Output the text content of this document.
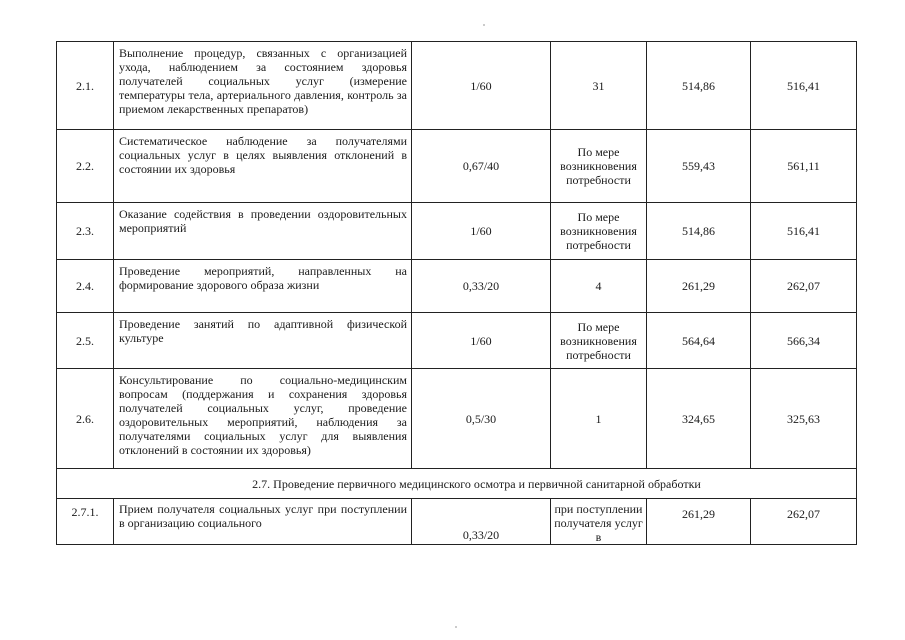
2.1.	Выполнение процедур, связанных с организацией ухода, наблюдением за состоянием здоровья получателей социальных услуг (измерение температуры тела, артериального давления, контроль за приемом лекарственных препаратов)	1/60	31	514,86	516,41
2.2.	Систематическое наблюдение за получателями социальных услуг в целях выявления отклонений в состоянии их здоровья	0,67/40	По мере возникновения потребности	559,43	561,11
2.3.	Оказание содействия в проведении оздоровительных мероприятий	1/60	По мере возникновения потребности	514,86	516,41
2.4.	Проведение мероприятий, направленных на формирование здорового образа жизни	0,33/20	4	261,29	262,07
2.5.	Проведение занятий по адаптивной физической культуре	1/60	По мере возникновения потребности	564,64	566,34
2.6.	Консультирование по социально-медицинским вопросам (поддержания и сохранения здоровья получателей социальных услуг, проведение оздоровительных мероприятий, наблюдения за получателями социальных услуг для выявления отклонений в состоянии их здоровья)	0,5/30	1	324,65	325,63
2.7. Проведение первичного медицинского осмотра и первичной санитарной обработки					
2.7.1.	Прием получателя социальных услуг при поступлении в организацию социального	0,33/20	при поступлении получателя услуг в	261,29	262,07
